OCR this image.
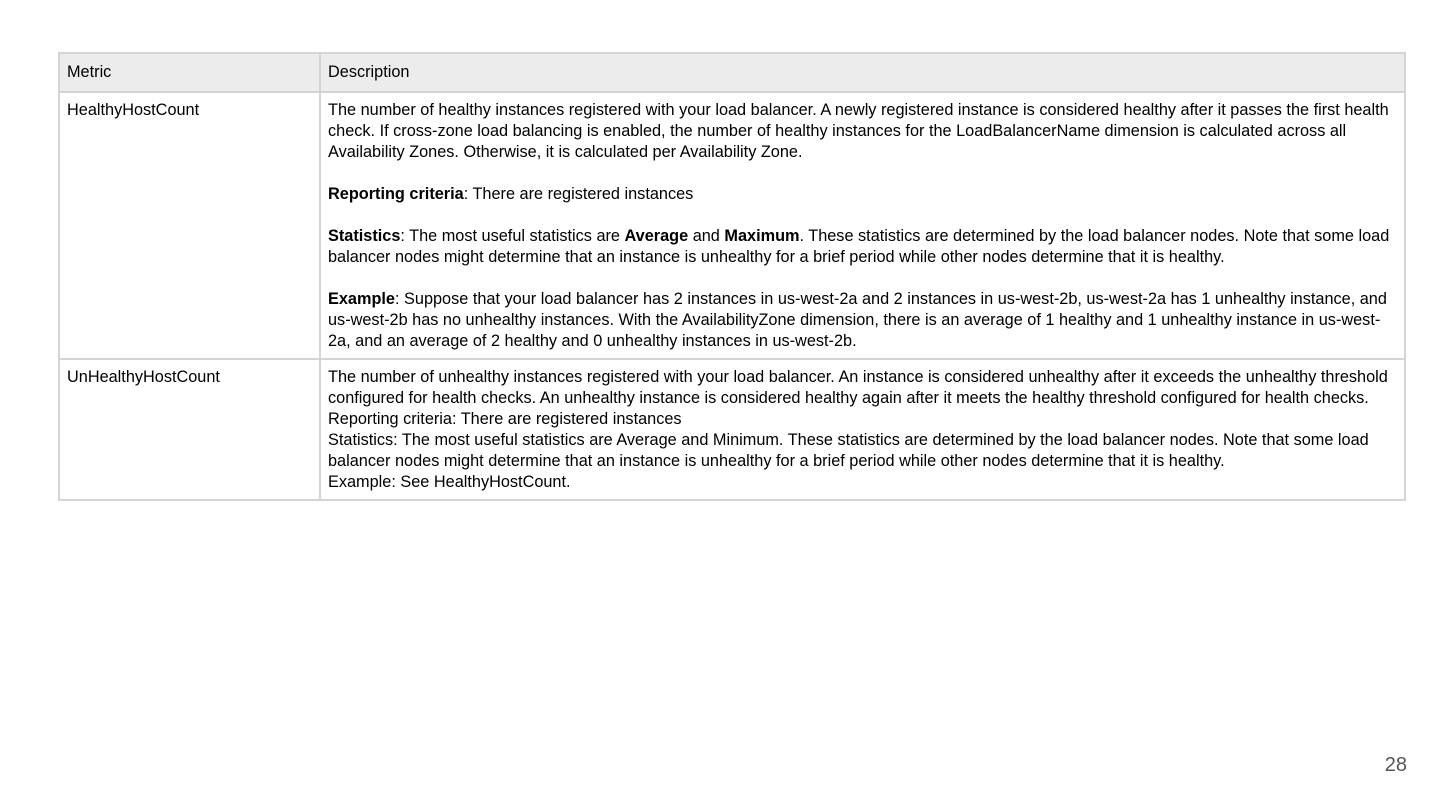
Metric	Description
HealthyHostCount	The number of healthy instances registered with your load balancer. A newly registered instance is considered healthy after it passes the first health check. If cross-zone load balancing is enabled, the number of healthy instances for the LoadBalancerName dimension is calculated across all Availability Zones. Otherwise, it is calculated per Availability Zone.

Reporting criteria: There are registered instances

Statistics: The most useful statistics are Average and Maximum. These statistics are determined by the load balancer nodes. Note that some load balancer nodes might determine that an instance is unhealthy for a brief period while other nodes determine that it is healthy.

Example: Suppose that your load balancer has 2 instances in us-west-2a and 2 instances in us-west-2b, us-west-2a has 1 unhealthy instance, and us-west-2b has no unhealthy instances. With the AvailabilityZone dimension, there is an average of 1 healthy and 1 unhealthy instance in us-west-2a, and an average of 2 healthy and 0 unhealthy instances in us-west-2b.

UnHealthyHostCount	The number of unhealthy instances registered with your load balancer. An instance is considered unhealthy after it exceeds the unhealthy threshold configured for health checks. An unhealthy instance is considered healthy again after it meets the healthy threshold configured for health checks.

Reporting criteria: There are registered instances

Statistics: The most useful statistics are Average and Minimum. These statistics are determined by the load balancer nodes. Note that some load balancer nodes might determine that an instance is unhealthy for a brief period while other nodes determine that it is healthy.

Example: See HealthyHostCount.

28
